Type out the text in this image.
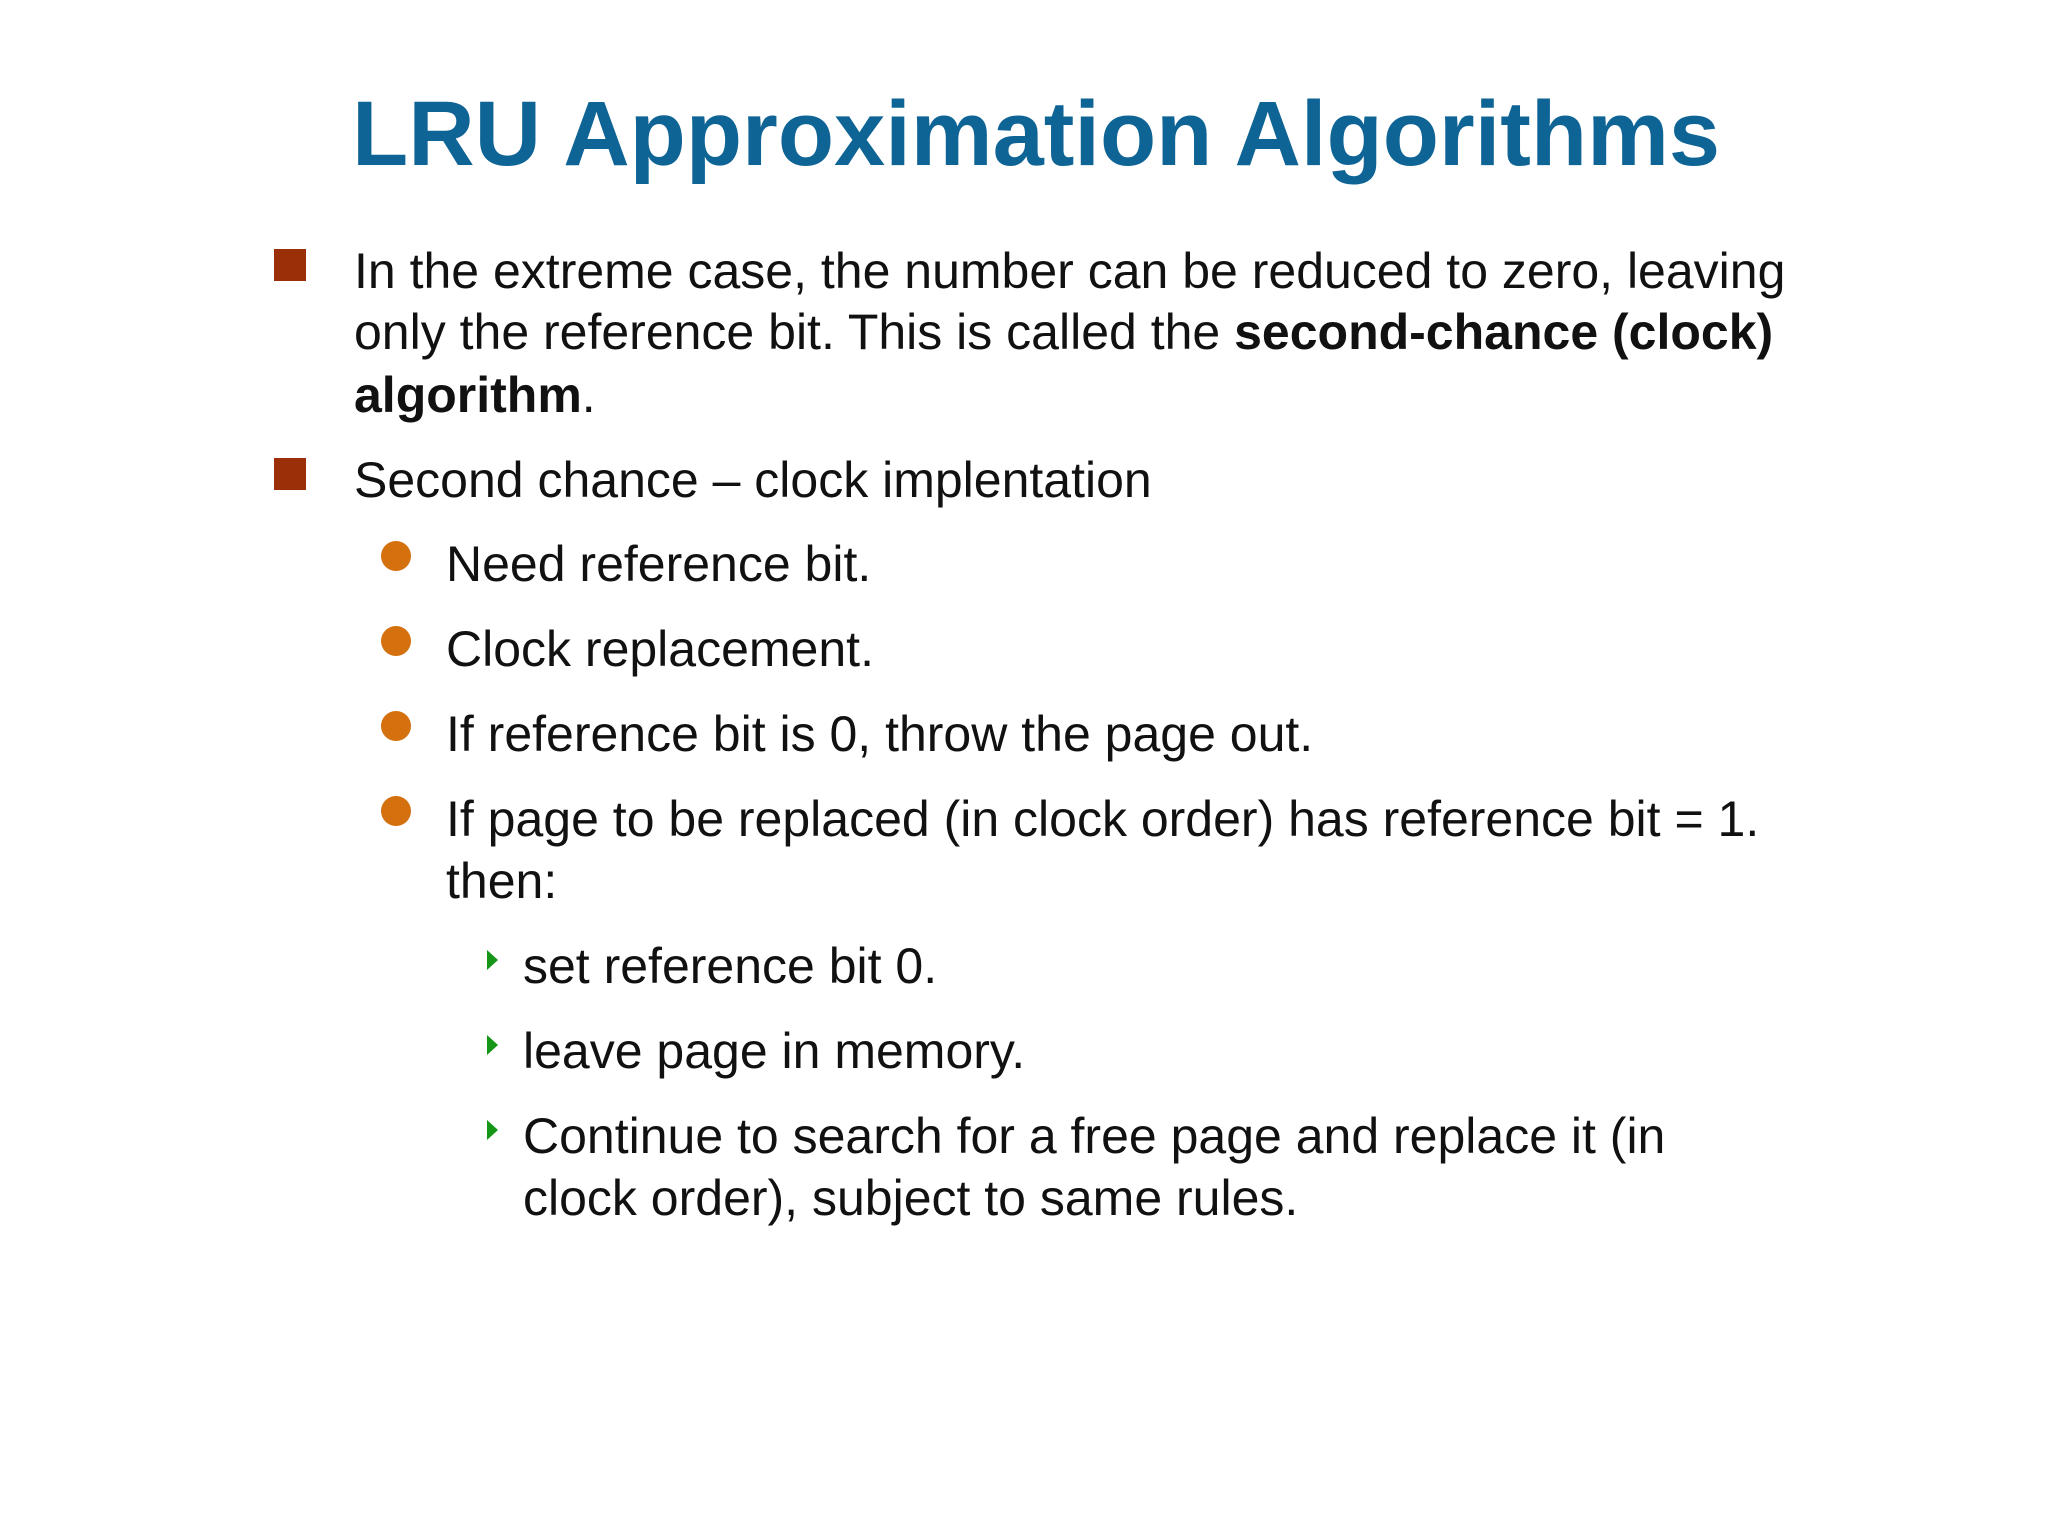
LRU Approximation Algorithms
In the extreme case, the number can be reduced to zero, leaving
only the reference bit. This is called the second-chance (clock)
algorithm.
Second chance – clock implentation
Need reference bit.
Clock replacement.
If reference bit is 0, throw the page out.
If page to be replaced (in clock order) has reference bit = 1.
then:
set reference bit 0.
leave page in memory.
Continue to search for a free page and replace it (in
clock order), subject to same rules.
